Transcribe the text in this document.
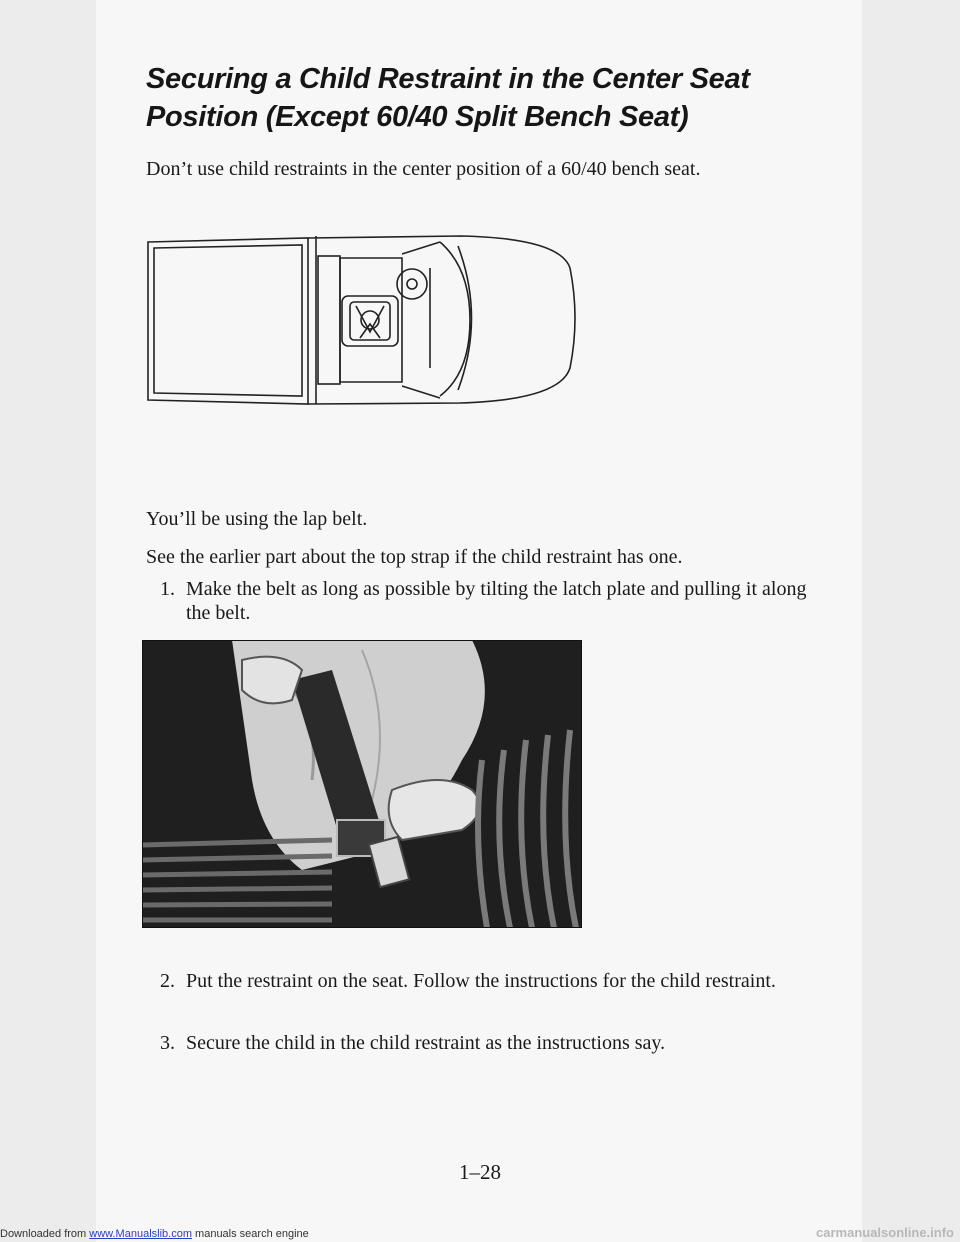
Securing a Child Restraint in the Center Seat
Position (Except 60/40 Split Bench Seat)

Don’t use child restraints in the center position of a 60/40 bench seat.

You’ll be using the lap belt.

See the earlier part about the top strap if the child restraint has one.

1. Make the belt as long as possible by tilting the latch plate and pulling it along the belt.
2. Put the restraint on the seat. Follow the instructions for the child restraint.
3. Secure the child in the child restraint as the instructions say.
1–28
Downloaded from www.Manualslib.com manuals search engine	carmanualsonline.info
